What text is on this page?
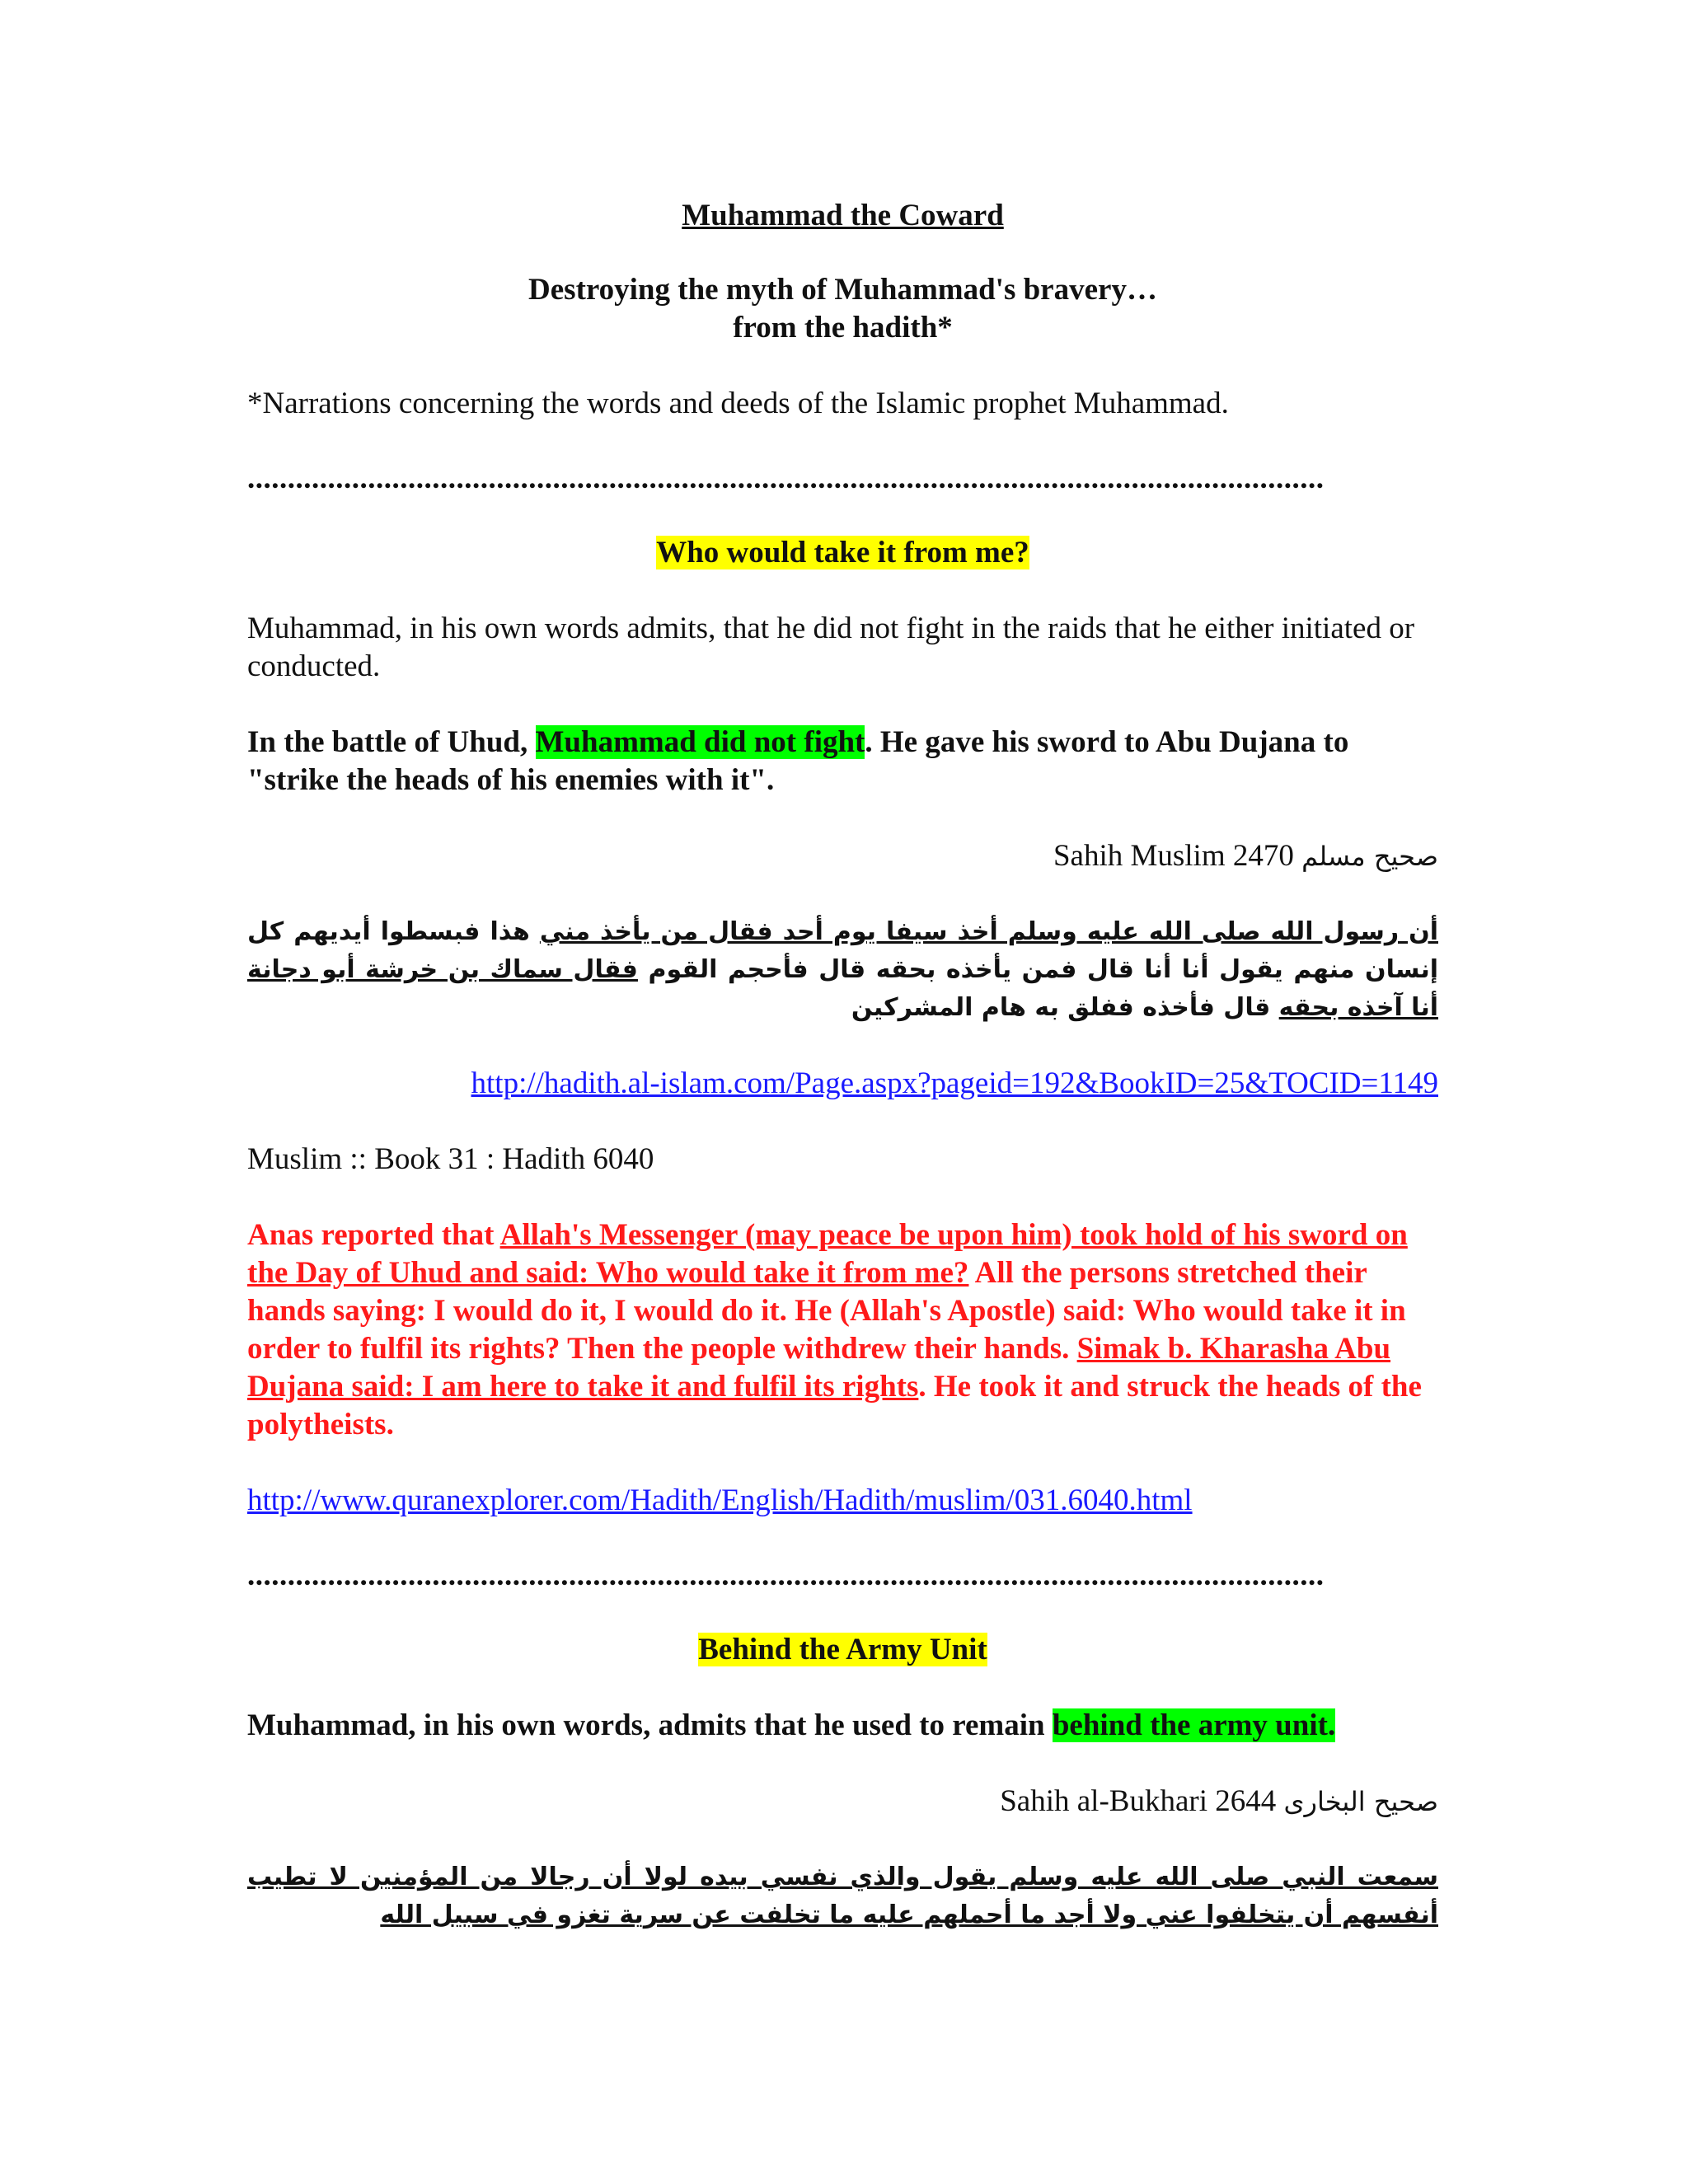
Muhammad the Coward
Destroying the myth of Muhammad's bravery…
from the hadith*
*Narrations concerning the words and deeds of the Islamic prophet Muhammad.
......................................................................................................................................
Who would take it from me?
Muhammad, in his own words admits, that he did not fight in the raids that he either initiated or conducted.
In the battle of Uhud, Muhammad did not fight. He gave his sword to Abu Dujana to "strike the heads of his enemies with it".
Sahih Muslim 2470 صحيح مسلم
أن رسول الله صلى الله عليه وسلم أخذ سيفا يوم أحد فقال من يأخذ مني هذا فبسطوا أيديهم كل إنسان منهم يقول أنا أنا قال فمن يأخذه بحقه قال فأحجم القوم فقال سماك بن خرشة أبو دجانة أنا آخذه بحقه قال فأخذه ففلق به هام المشركين
http://hadith.al-islam.com/Page.aspx?pageid=192&BookID=25&TOCID=1149
Muslim :: Book 31 : Hadith 6040
Anas reported that Allah's Messenger (may peace be upon him) took hold of his sword on the Day of Uhud and said: Who would take it from me? All the persons stretched their hands saying: I would do it, I would do it. He (Allah's Apostle) said: Who would take it in order to fulfil its rights? Then the people withdrew their hands. Simak b. Kharasha Abu Dujana said: I am here to take it and fulfil its rights. He took it and struck the heads of the polytheists.
http://www.quranexplorer.com/Hadith/English/Hadith/muslim/031.6040.html
......................................................................................................................................
Behind the Army Unit
Muhammad, in his own words, admits that he used to remain behind the army unit.
Sahih al-Bukhari 2644 صحيح البخارى
سمعت النبي صلى الله عليه وسلم يقول والذي نفسي بيده لولا أن رجالا من المؤمنين لا تطيب أنفسهم أن يتخلفوا عني ولا أجد ما أحملهم عليه ما تخلفت عن سرية تغزو في سبيل الله
